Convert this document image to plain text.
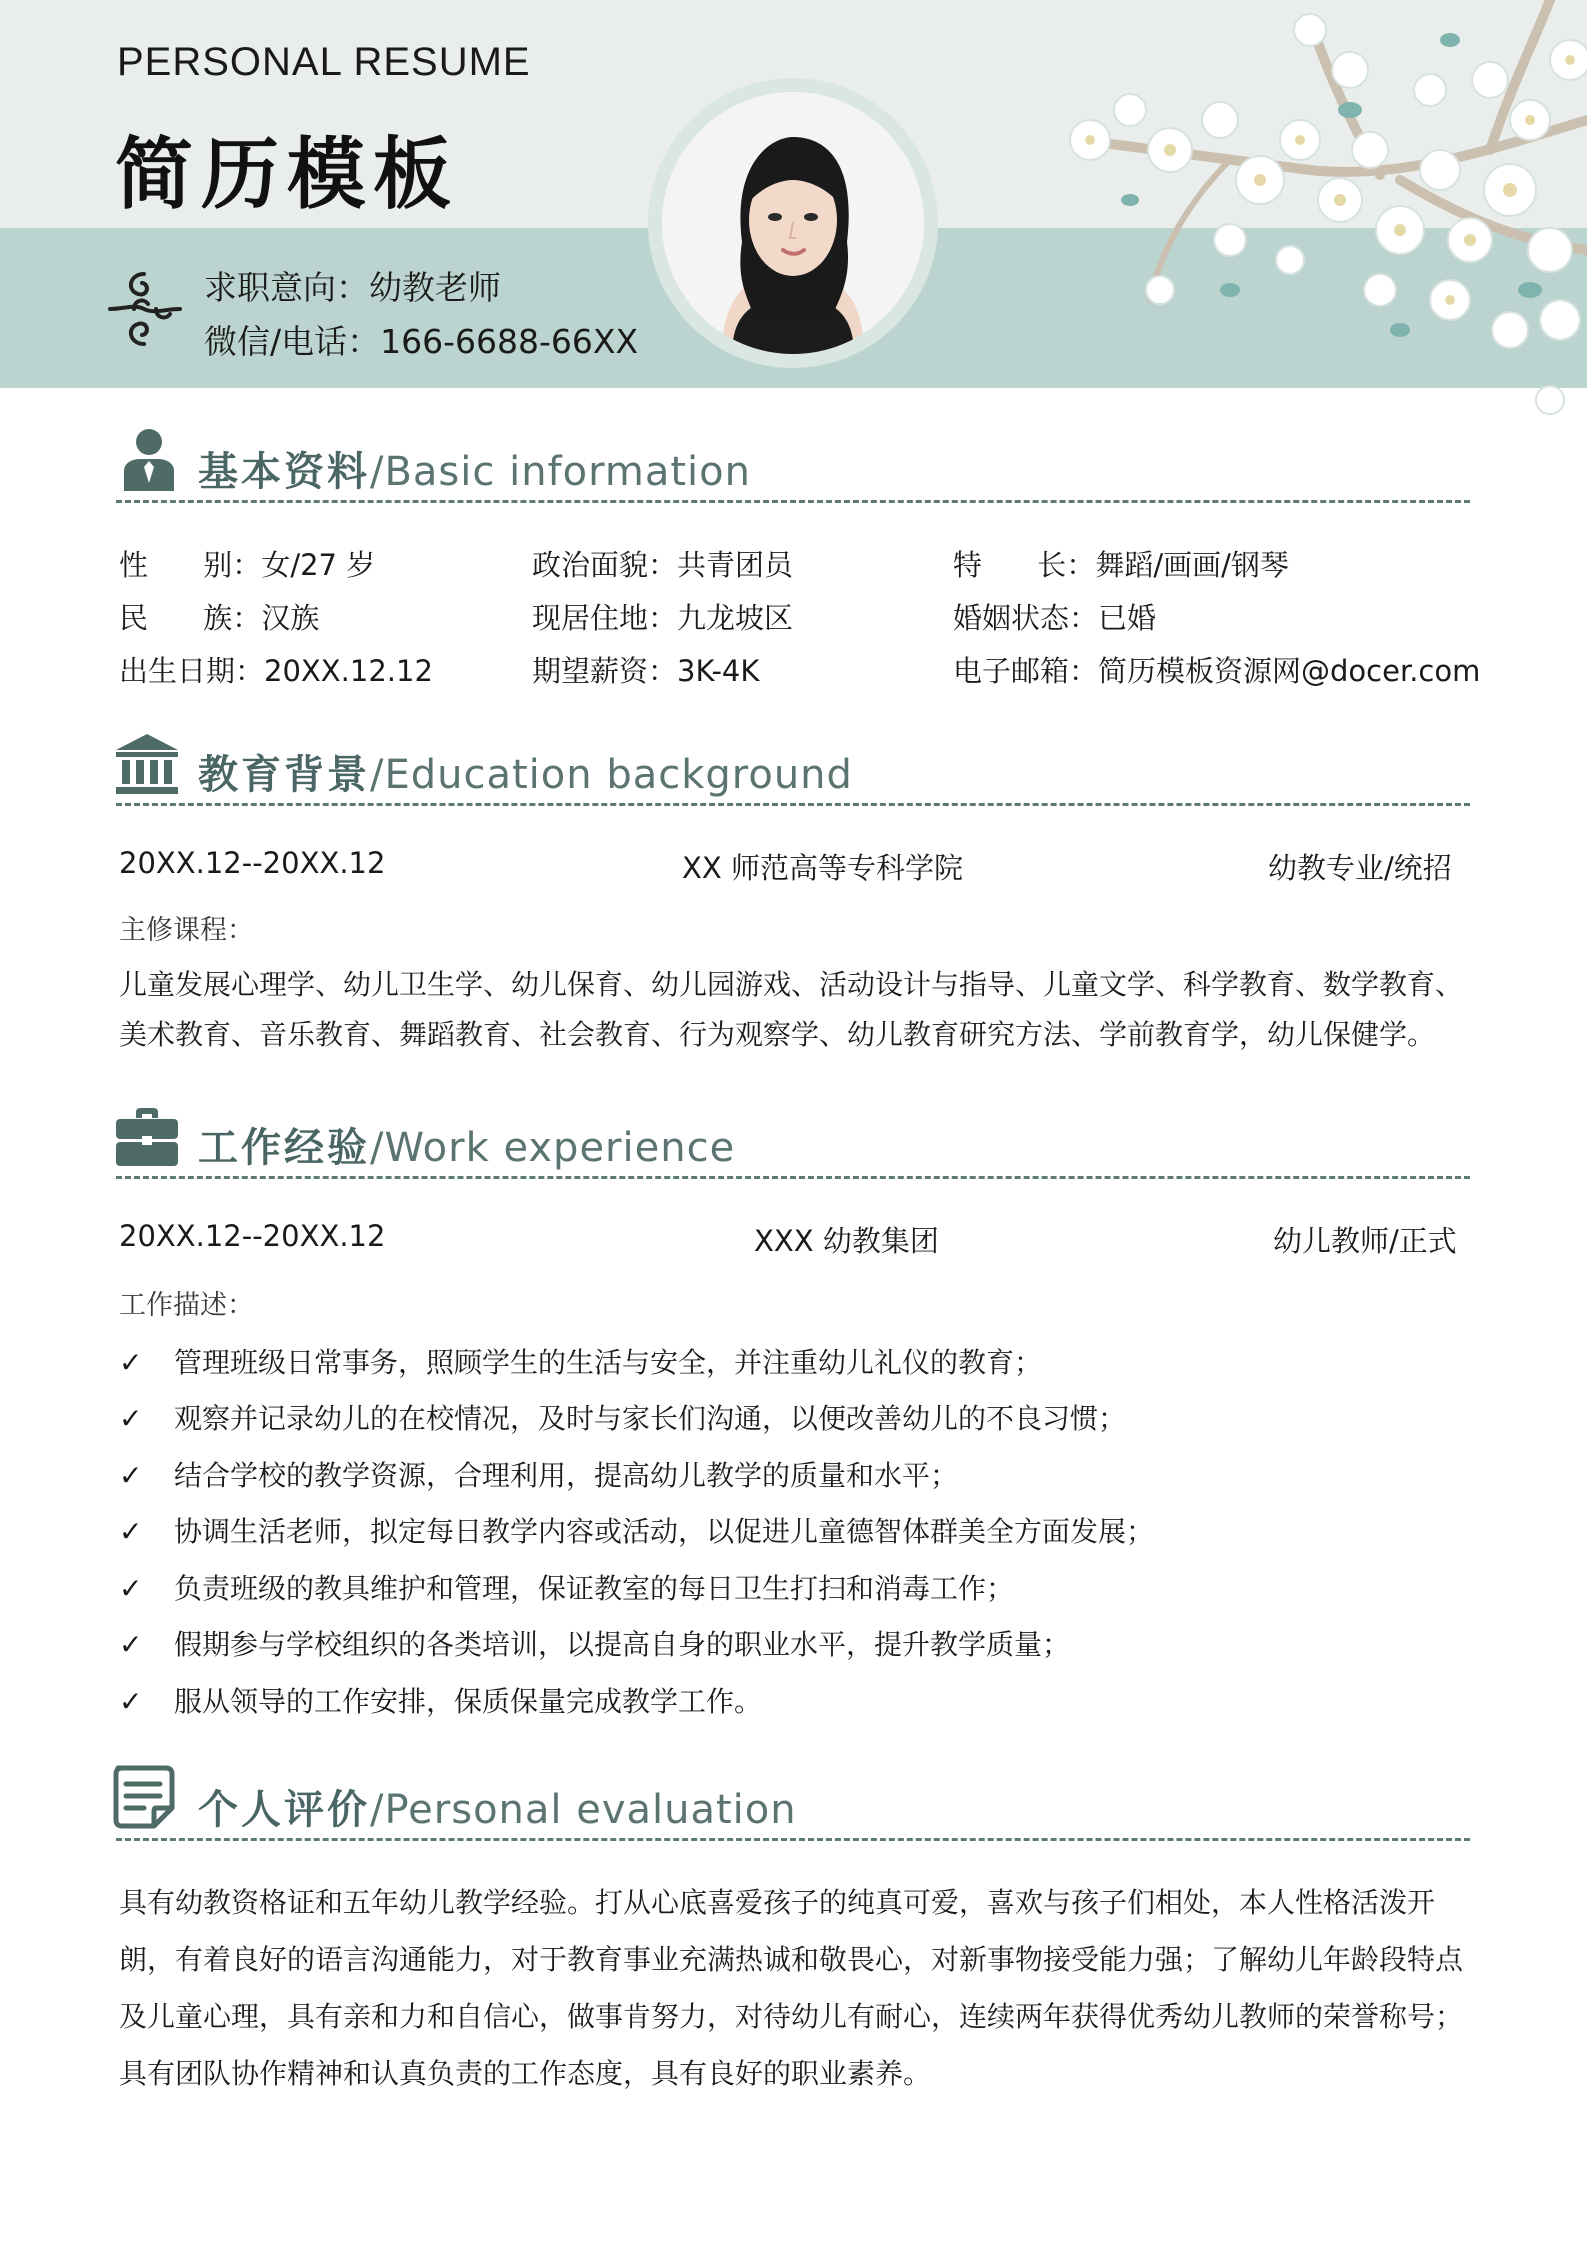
PERSONAL RESUME
简历模板
求职意向：幼教老师
微信/电话：166-6688-66XX
基本资料/Basic information
性      别：女/27 岁	政治面貌：共青团员	特      长：舞蹈/画画/钢琴
民      族：汉族	现居住地：九龙坡区	婚姻状态：已婚
出生日期：20XX.12.12	期望薪资：3K-4K	电子邮箱：简历模板资源网@docer.com
教育背景/Education background
20XX.12--20XX.12	XX 师范高等专科学院	幼教专业/统招
主修课程：
儿童发展心理学、幼儿卫生学、幼儿保育、幼儿园游戏、活动设计与指导、儿童文学、科学教育、数学教育、美术教育、音乐教育、舞蹈教育、社会教育、行为观察学、幼儿教育研究方法、学前教育学，幼儿保健学。
工作经验/Work experience
20XX.12--20XX.12	XXX 幼教集团	幼儿教师/正式
工作描述：
✓ 管理班级日常事务，照顾学生的生活与安全，并注重幼儿礼仪的教育；
✓ 观察并记录幼儿的在校情况，及时与家长们沟通，以便改善幼儿的不良习惯；
✓ 结合学校的教学资源，合理利用，提高幼儿教学的质量和水平；
✓ 协调生活老师，拟定每日教学内容或活动，以促进儿童德智体群美全方面发展；
✓ 负责班级的教具维护和管理，保证教室的每日卫生打扫和消毒工作；
✓ 假期参与学校组织的各类培训，以提高自身的职业水平，提升教学质量；
✓ 服从领导的工作安排，保质保量完成教学工作。
个人评价/Personal evaluation
具有幼教资格证和五年幼儿教学经验。打从心底喜爱孩子的纯真可爱，喜欢与孩子们相处，本人性格活泼开朗，有着良好的语言沟通能力，对于教育事业充满热诚和敬畏心，对新事物接受能力强；了解幼儿年龄段特点及儿童心理，具有亲和力和自信心，做事肯努力，对待幼儿有耐心，连续两年获得优秀幼儿教师的荣誉称号；具有团队协作精神和认真负责的工作态度，具有良好的职业素养。
